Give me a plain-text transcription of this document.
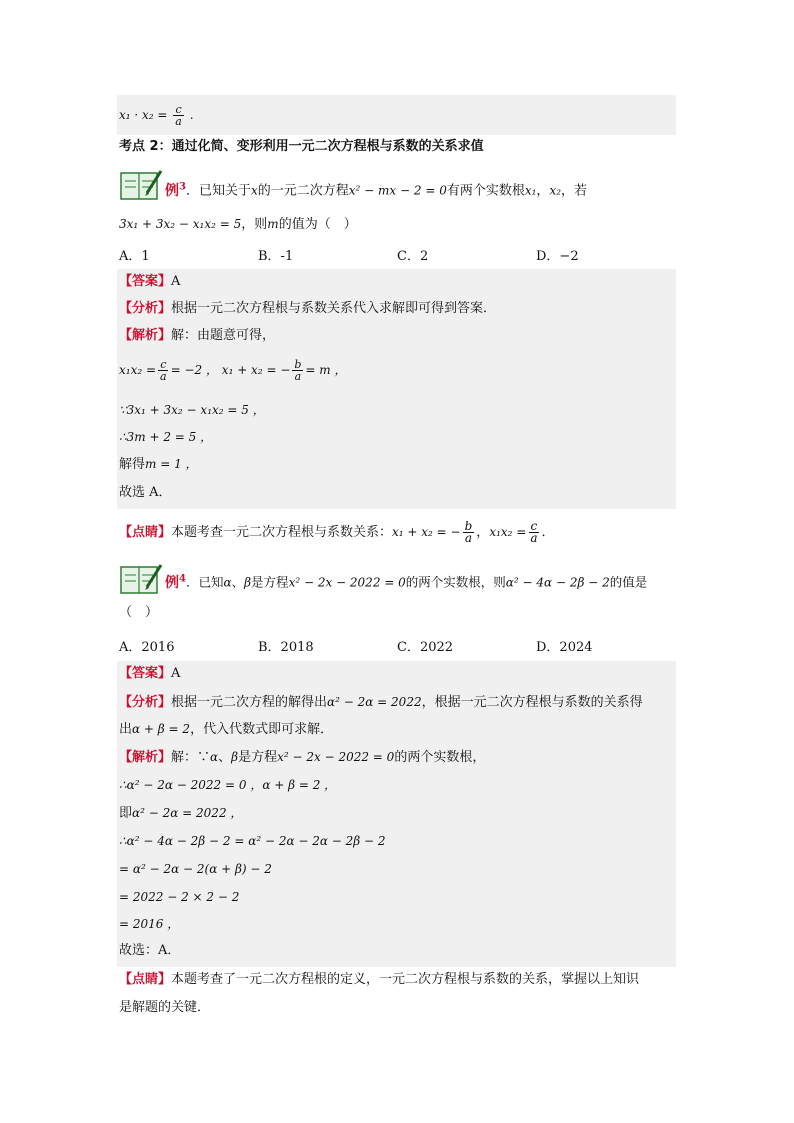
$x_1 \cdot x_2 = \frac{c}{a}$ .
考点 2：通过化简、变形利用一元二次方程根与系数的关系求值
例$^3$．已知关于x的一元二次方程x² − mx − 2 = 0有两个实数根x₁，x₂，若
3x₁ + 3x₂ − x₁x₂ = 5，则m的值为（　）
A．1	B．-1	C．2	D．−2
【答案】A
【分析】根据一元二次方程根与系数关系代入求解即可得到答案．
【解析】解：由题意可得，
$x_1x_2 = \frac{c}{a} = -2$ ， x₁ + x₂ = − $\frac{b}{a} = m$ ，
∵3x₁ + 3x₂ − x₁x₂ = 5 ，
∴3m + 2 = 5 ，
解得m = 1 ，
故选 A．
【点睛】本题考查一元二次方程根与系数关系：x₁ + x₂ = − $\frac{b}{a}$ ，$x_1x_2 = \frac{c}{a}$ ．
例$^4$．已知α、β是方程x² − 2x − 2022 = 0的两个实数根，则α² − 4α − 2β − 2的值是
（　）
A．2016	B．2018	C．2022	D．2024
【答案】A
【分析】根据一元二次方程的解得出α² − 2α = 2022，根据一元二次方程根与系数的关系得
出α + β = 2，代入代数式即可求解．
【解析】解：∵α、β是方程x² − 2x − 2022 = 0的两个实数根，
∴α² − 2α − 2022 = 0 ，α + β = 2 ，
即α² − 2α = 2022 ，
∴α² − 4α − 2β − 2 = α² − 2α − 2α − 2β − 2
= α² − 2α − 2(α + β) − 2
= 2022 − 2 × 2 − 2
= 2016 ，
故选：A．
【点睛】本题考查了一元二次方程根的定义，一元二次方程根与系数的关系，掌握以上知识
是解题的关键．
